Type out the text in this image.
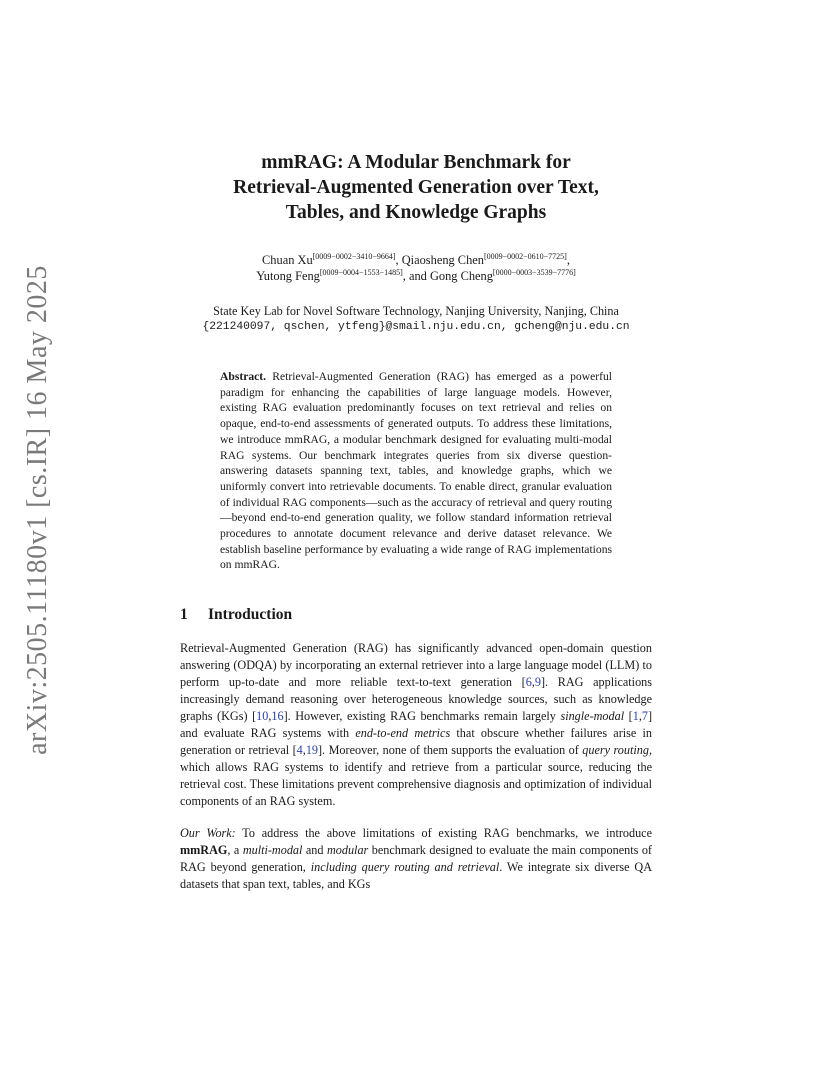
arXiv:2505.11180v1 [cs.IR] 16 May 2025
mmRAG: A Modular Benchmark for
Retrieval-Augmented Generation over Text,
Tables, and Knowledge Graphs
Chuan Xu[0009−0002−3410−9664], Qiaosheng Chen[0009−0002−0610−7725],
Yutong Feng[0009−0004−1553−1485], and Gong Cheng[0000−0003−3539−7776]
State Key Lab for Novel Software Technology, Nanjing University, Nanjing, China
{221240097, qschen, ytfeng}@smail.nju.edu.cn, gcheng@nju.edu.cn
Abstract. Retrieval-Augmented Generation (RAG) has emerged as a powerful paradigm for enhancing the capabilities of large language models. However, existing RAG evaluation predominantly focuses on text retrieval and relies on opaque, end-to-end assessments of generated outputs. To address these limitations, we introduce mmRAG, a modular benchmark designed for evaluating multi-modal RAG systems. Our benchmark integrates queries from six diverse question-answering datasets spanning text, tables, and knowledge graphs, which we uniformly convert into retrievable documents. To enable direct, granular evaluation of individual RAG components—such as the accuracy of retrieval and query routing—beyond end-to-end generation quality, we follow standard information retrieval procedures to annotate document relevance and derive dataset relevance. We establish baseline performance by evaluating a wide range of RAG implementations on mmRAG.
1 Introduction
Retrieval-Augmented Generation (RAG) has significantly advanced open-domain question answering (ODQA) by incorporating an external retriever into a large language model (LLM) to perform up-to-date and more reliable text-to-text generation [6,9]. RAG applications increasingly demand reasoning over heterogeneous knowledge sources, such as knowledge graphs (KGs) [10,16]. However, existing RAG benchmarks remain largely single-modal [1,7] and evaluate RAG systems with end-to-end metrics that obscure whether failures arise in generation or retrieval [4,19]. Moreover, none of them supports the evaluation of query routing, which allows RAG systems to identify and retrieve from a particular source, reducing the retrieval cost. These limitations prevent comprehensive diagnosis and optimization of individual components of an RAG system.
Our Work: To address the above limitations of existing RAG benchmarks, we introduce mmRAG, a multi-modal and modular benchmark designed to evaluate the main components of RAG beyond generation, including query routing and retrieval. We integrate six diverse QA datasets that span text, tables, and KGs
